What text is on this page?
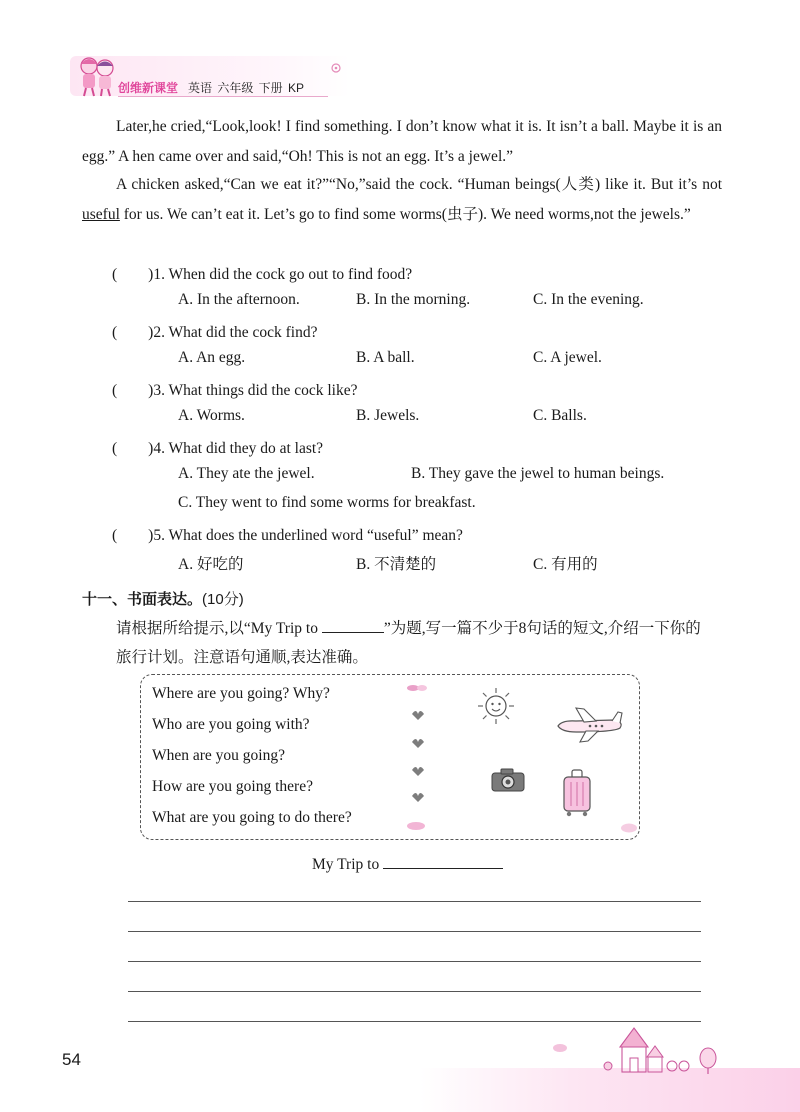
创维新课堂 英语 六年级 下册 KP
Later,he cried,“Look,look! I find something. I don’t know what it is. It isn’t a ball. Maybe it is an egg.” A hen came over and said,“Oh! This is not an egg. It’s a jewel.”
A chicken asked,“Can we eat it?”“No,”said the cock. “Human beings(人类) like it. But it’s not useful for us. We can’t eat it. Let’s go to find some worms(虫子). We need worms,not the jewels.”
(　　)1. When did the cock go out to find food?
A. In the afternoon.	B. In the morning.	C. In the evening.
(　　)2. What did the cock find?
A. An egg.	B. A ball.	C. A jewel.
(　　)3. What things did the cock like?
A. Worms.	B. Jewels.	C. Balls.
(　　)4. What did they do at last?
A. They ate the jewel.	B. They gave the jewel to human beings.
C. They went to find some worms for breakfast.
(　　)5. What does the underlined word “useful” mean?
A. 好吃的	B. 不清楚的	C. 有用的
十一、书面表达。(10分)
请根据所给提示,以“My Trip to	”为题,写一篇不少于8句话的短文,介绍一下你的旅行计划。注意语句通顺,表达准确。
Where are you going? Why?
Who are you going with?
When are you going?
How are you going there?
What are you going to do there?
My Trip to
54
